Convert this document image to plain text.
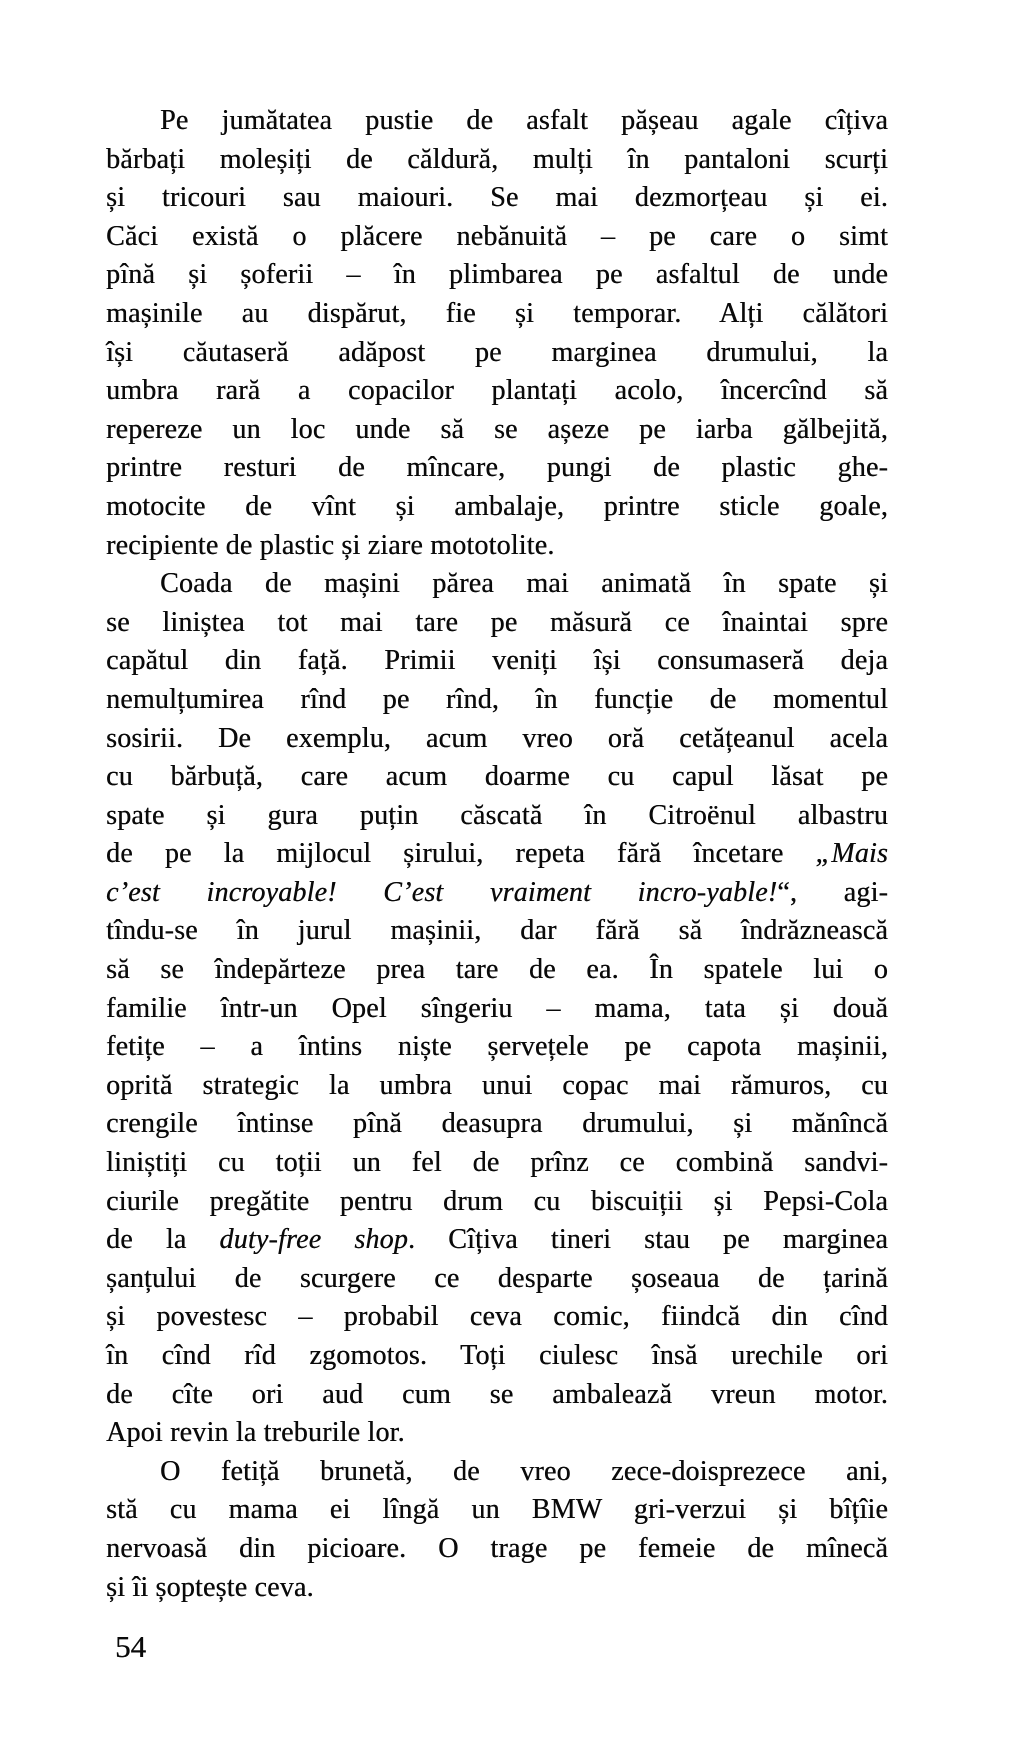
Pe jumătatea pustie de asfalt pășeau agale cîțiva
bărbați moleșiți de căldură, mulți în pantaloni scurți
și tricouri sau maiouri. Se mai dezmorțeau și ei.
Căci există o plăcere nebănuită – pe care o simt
pînă și șoferii – în plimbarea pe asfaltul de unde
mașinile au dispărut, fie și temporar. Alți călători
își căutaseră adăpost pe marginea drumului, la
umbra rară a copacilor plantați acolo, încercînd să
repereze un loc unde să se așeze pe iarba gălbejită,
printre resturi de mîncare, pungi de plastic ghe-
motocite de vînt și ambalaje, printre sticle goale,
recipiente de plastic și ziare mototolite.
Coada de mașini părea mai animată în spate și
se liniștea tot mai tare pe măsură ce înaintai spre
capătul din față. Primii veniți își consumaseră deja
nemulțumirea rînd pe rînd, în funcție de momentul
sosirii. De exemplu, acum vreo oră cetățeanul acela
cu bărbuță, care acum doarme cu capul lăsat pe
spate și gura puțin căscată în Citroënul albastru
de pe la mijlocul șirului, repeta fără încetare „Mais
c’est incroyable! C’est vraiment incro-yable!“, agi-
tîndu-se în jurul mașinii, dar fără să îndrăznească
să se îndepărteze prea tare de ea. În spatele lui o
familie într-un Opel sîngeriu – mama, tata și două
fetițe – a întins niște șervețele pe capota mașinii,
oprită strategic la umbra unui copac mai rămuros, cu
crengile întinse pînă deasupra drumului, și mănîncă
liniștiți cu toții un fel de prînz ce combină sandvi-
ciurile pregătite pentru drum cu biscuiții și Pepsi-Cola
de la duty-free shop. Cîțiva tineri stau pe marginea
șanțului de scurgere ce desparte șoseaua de țarină
și povestesc – probabil ceva comic, fiindcă din cînd
în cînd rîd zgomotos. Toți ciulesc însă urechile ori
de cîte ori aud cum se ambalează vreun motor.
Apoi revin la treburile lor.
O fetiță brunetă, de vreo zece-doisprezece ani,
stă cu mama ei lîngă un BMW gri-verzui și bîțîie
nervoasă din picioare. O trage pe femeie de mînecă
și îi șoptește ceva.
54
